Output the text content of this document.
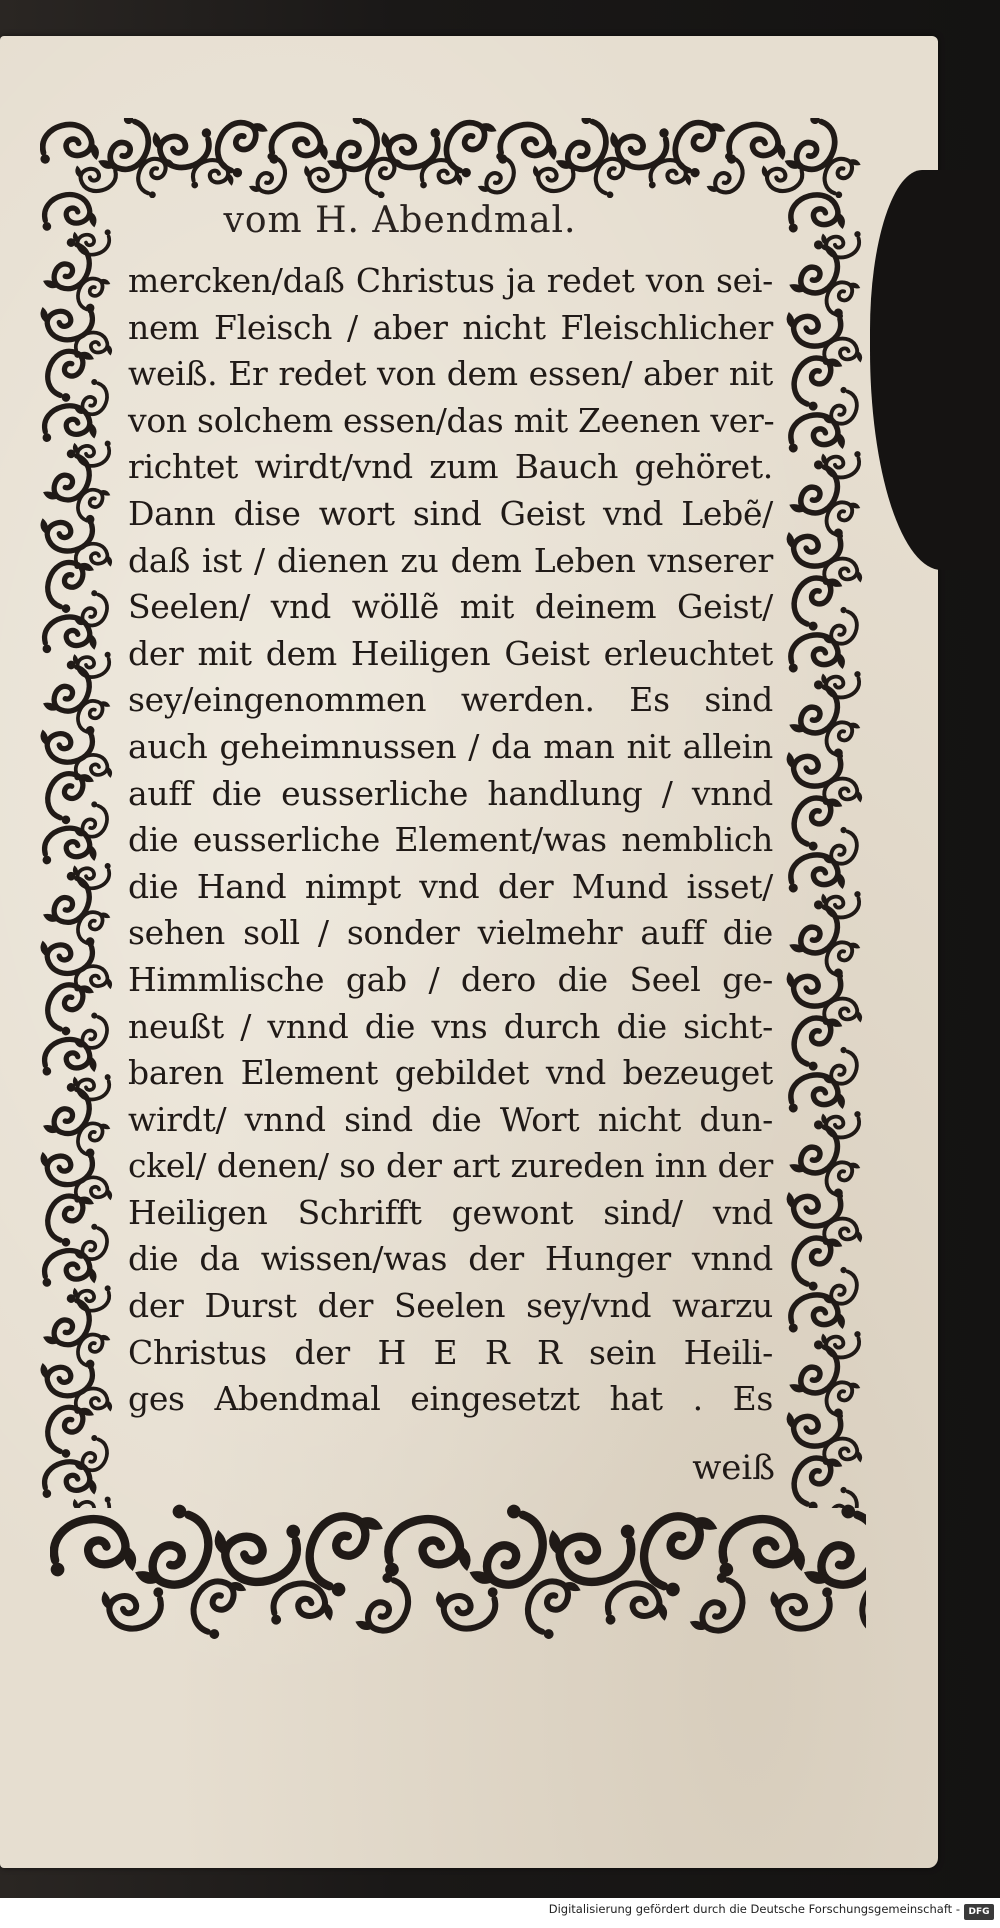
vom H. Abendmal.
mercken/daß Christus ja redet von sei-
nem Fleisch / aber nicht Fleischlicher
weiß. Er redet von dem essen/ aber nit
von solchem essen/das mit Zeenen ver-
richtet wirdt/vnd zum Bauch gehöret.
Dann dise wort sind Geist vnd Lebẽ/
daß ist / dienen zu dem Leben vnserer
Seelen/ vnd wöllẽ mit deinem Geist/
der mit dem Heiligen Geist erleuchtet
sey/eingenommen werden. Es sind
auch geheimnussen / da man nit allein
auff die eusserliche handlung / vnnd
die eusserliche Element/was nemblich
die Hand nimpt vnd der Mund isset/
sehen soll / sonder vielmehr auff die
Himmlische gab / dero die Seel ge-
neußt / vnnd die vns durch die sicht-
baren Element gebildet vnd bezeuget
wirdt/ vnnd sind die Wort nicht dun-
ckel/ denen/ so der art zureden inn der
Heiligen Schrifft gewont sind/ vnd
die da wissen/was der Hunger vnnd
der Durst der Seelen sey/vnd warzu
Christus der H E R R sein Heili-
ges Abendmal eingesetzt hat . Es
weiß
Digitalisierung gefördert durch die Deutsche Forschungsgemeinschaft - DFG
